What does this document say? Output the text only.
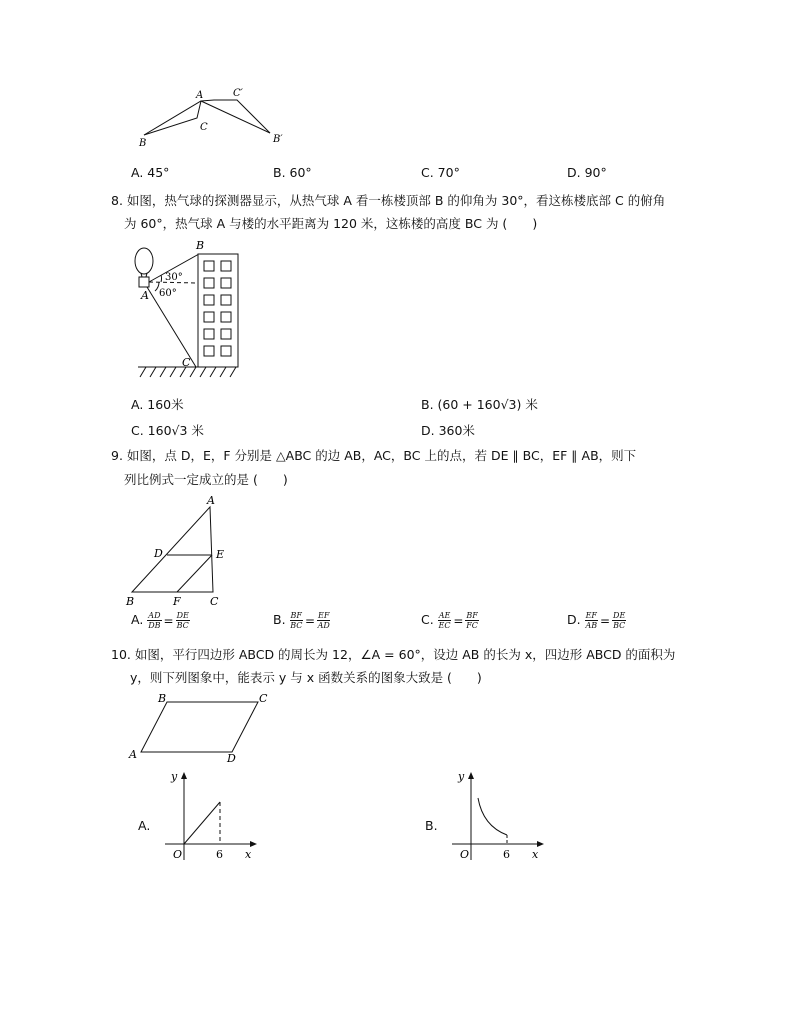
A	C′
C
B	B′
A. 45°	B. 60°	C. 70°	D. 90°
8. 如图，热气球的探测器显示，从热气球 A 看一栋楼顶部 B 的仰角为 30°，看这栋楼底部 C 的俯角
为 60°，热气球 A 与楼的水平距离为 120 米，这栋楼的高度 BC 为 (　　)
B
A
C
30°
60°
A. 160米	B. (60 + 160√3) 米
C. 160√3 米	D. 360米
9. 如图，点 D，E，F 分别是 △ABC 的边 AB，AC，BC 上的点，若 DE ∥ BC，EF ∥ AB，则下
列比例式一定成立的是 (　　)
A
D	E
B	F	C
A. $\frac{AD}{DB} = \frac{DE}{BC}$	B. $\frac{BF}{BC} = \frac{EF}{AD}$	C. $\frac{AE}{EC} = \frac{BF}{FC}$	D. $\frac{EF}{AB} = \frac{DE}{BC}$
10. 如图，平行四边形 ABCD 的周长为 12，∠A = 60°，设边 AB 的长为 x，四边形 ABCD 的面积为
y，则下列图象中，能表示 y 与 x 函数关系的图象大致是 (　　)
B	C
A	D
A.
y
x
O	6
B.
y
x
O	6
